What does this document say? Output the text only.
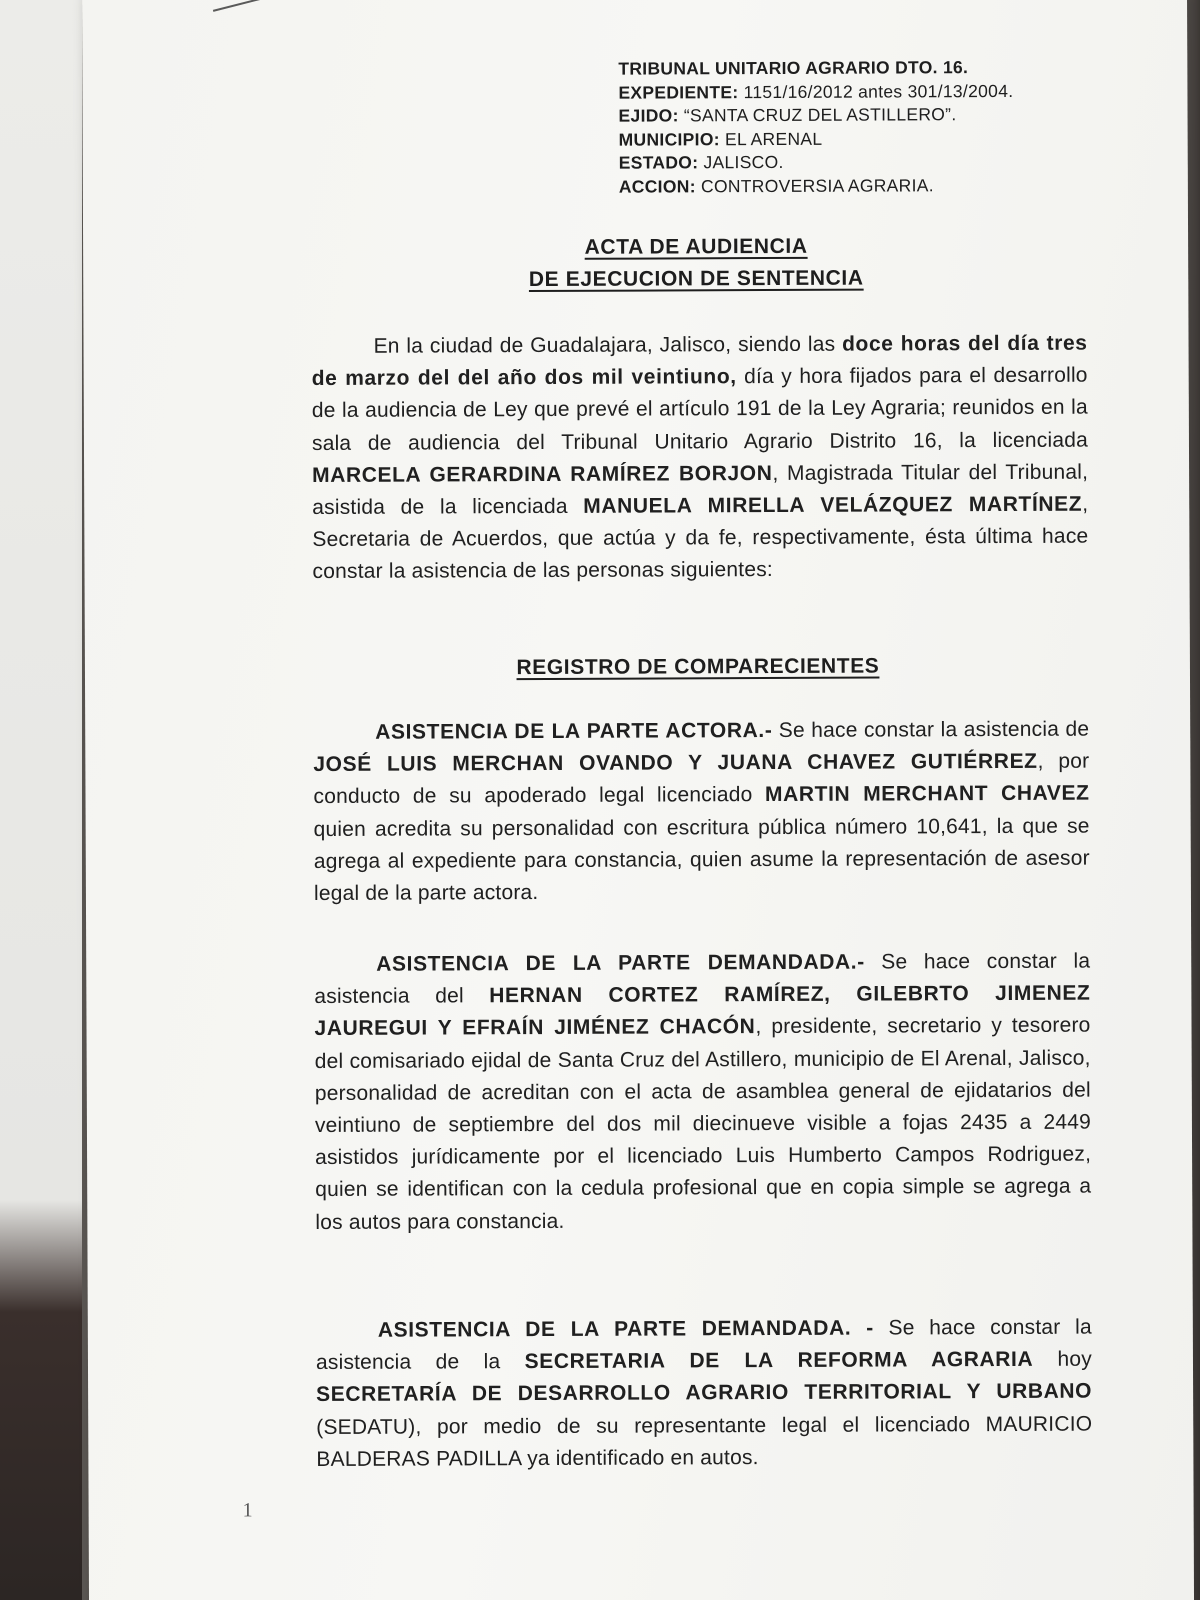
TRIBUNAL UNITARIO AGRARIO DTO. 16.
EXPEDIENTE: 1151/16/2012 antes 301/13/2004.
EJIDO: “SANTA CRUZ DEL ASTILLERO”.
MUNICIPIO: EL ARENAL
ESTADO: JALISCO.
ACCION: CONTROVERSIA AGRARIA.
ACTA DE AUDIENCIA
DE EJECUCION DE SENTENCIA

En la ciudad de Guadalajara, Jalisco, siendo las doce horas del día tres de marzo del del año dos mil veintiuno, día y hora fijados para el desarrollo de la audiencia de Ley que prevé el artículo 191 de la Ley Agraria; reunidos en la sala de audiencia del Tribunal Unitario Agrario Distrito 16, la licenciada MARCELA GERARDINA RAMÍREZ BORJON, Magistrada Titular del Tribunal, asistida de la licenciada MANUELA MIRELLA VELÁZQUEZ MARTÍNEZ, Secretaria de Acuerdos, que actúa y da fe, respectivamente, ésta última hace constar la asistencia de las personas siguientes:

REGISTRO DE COMPARECIENTES

ASISTENCIA DE LA PARTE ACTORA.- Se hace constar la asistencia de JOSÉ LUIS MERCHAN OVANDO Y JUANA CHAVEZ GUTIÉRREZ, por conducto de su apoderado legal licenciado MARTIN MERCHANT CHAVEZ quien acredita su personalidad con escritura pública número 10,641, la que se agrega al expediente para constancia, quien asume la representación de asesor legal de la parte actora.

ASISTENCIA DE LA PARTE DEMANDADA.- Se hace constar la asistencia del HERNAN CORTEZ RAMÍREZ, GILEBRTO JIMENEZ JAUREGUI Y EFRAÍN JIMÉNEZ CHACÓN, presidente, secretario y tesorero del comisariado ejidal de Santa Cruz del Astillero, municipio de El Arenal, Jalisco, personalidad de acreditan con el acta de asamblea general de ejidatarios del veintiuno de septiembre del dos mil diecinueve visible a fojas 2435 a 2449 asistidos jurídicamente por el licenciado Luis Humberto Campos Rodriguez, quien se identifican con la cedula profesional que en copia simple se agrega a los autos para constancia.

ASISTENCIA DE LA PARTE DEMANDADA. - Se hace constar la asistencia de la SECRETARIA DE LA REFORMA AGRARIA hoy SECRETARÍA DE DESARROLLO AGRARIO TERRITORIAL Y URBANO (SEDATU), por medio de su representante legal el licenciado MAURICIO BALDERAS PADILLA ya identificado en autos.

1
